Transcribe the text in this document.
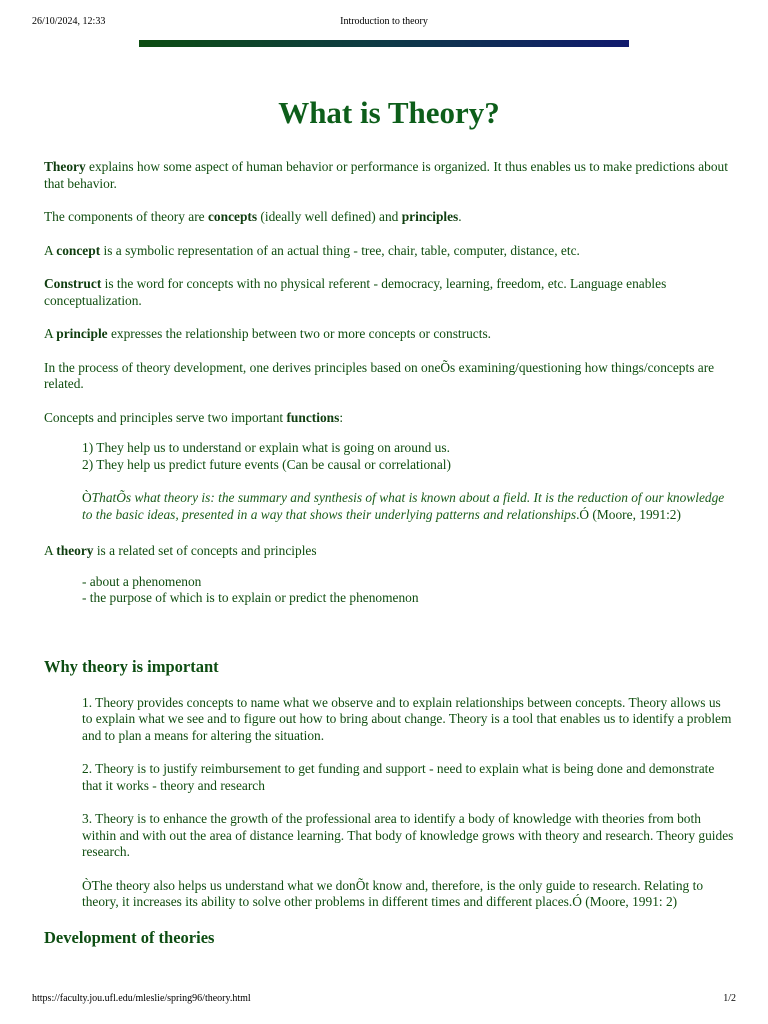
26/10/2024, 12:33	Introduction to theory
What is Theory?

Theory explains how some aspect of human behavior or performance is organized. It thus enables us to make predictions about that behavior.

The components of theory are concepts (ideally well defined) and principles.

A concept is a symbolic representation of an actual thing - tree, chair, table, computer, distance, etc.

Construct is the word for concepts with no physical referent - democracy, learning, freedom, etc. Language enables conceptualization.

A principle expresses the relationship between two or more concepts or constructs.

In the process of theory development, one derives principles based on oneÕs examining/questioning how things/concepts are related.

Concepts and principles serve two important functions:

1) They help us to understand or explain what is going on around us.

2) They help us predict future events (Can be causal or correlational)

ÒThatÕs what theory is: the summary and synthesis of what is known about a field. It is the reduction of our knowledge to the basic ideas, presented in a way that shows their underlying patterns and relationships.Ó (Moore, 1991:2)

A theory is a related set of concepts and principles

- about a phenomenon

- the purpose of which is to explain or predict the phenomenon

Why theory is important

1. Theory provides concepts to name what we observe and to explain relationships between concepts. Theory allows us to explain what we see and to figure out how to bring about change. Theory is a tool that enables us to identify a problem and to plan a means for altering the situation.

2. Theory is to justify reimbursement to get funding and support - need to explain what is being done and demonstrate that it works - theory and research

3. Theory is to enhance the growth of the professional area to identify a body of knowledge with theories from both within and with out the area of distance learning. That body of knowledge grows with theory and research. Theory guides research.

ÒThe theory also helps us understand what we donÕt know and, therefore, is the only guide to research. Relating to theory, it increases its ability to solve other problems in different times and different places.Ó (Moore, 1991: 2)

Development of theories
https://faculty.jou.ufl.edu/mleslie/spring96/theory.html	1/2
